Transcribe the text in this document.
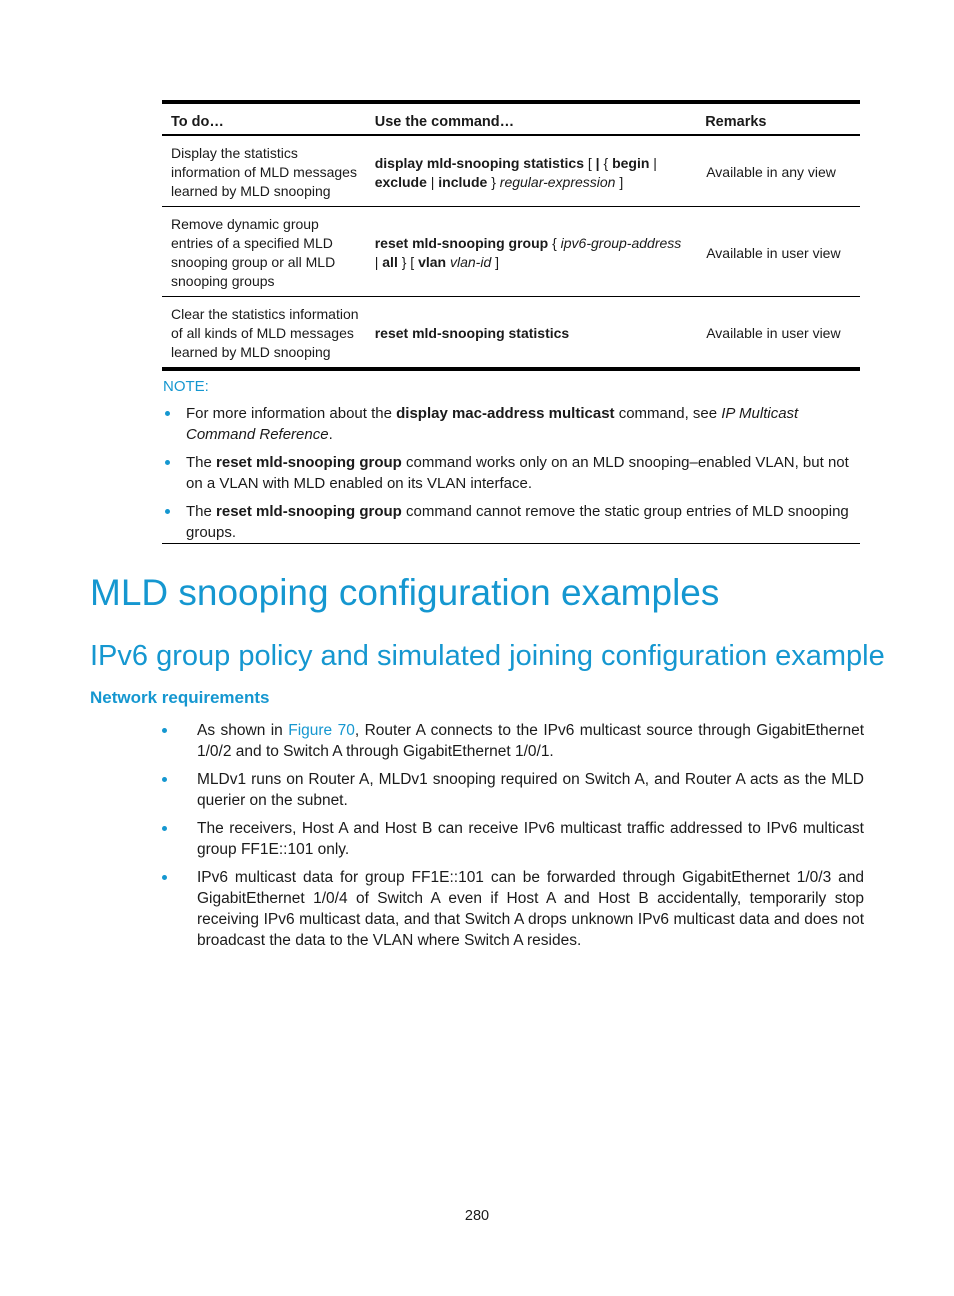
To do…	Use the command…	Remarks
Display the statistics information of MLD messages learned by MLD snooping	display mld-snooping statistics [ | { begin | exclude | include } regular-expression ]	Available in any view
Remove dynamic group entries of a specified MLD snooping group or all MLD snooping groups	reset mld-snooping group { ipv6-group-address | all } [ vlan vlan-id ]	Available in user view
Clear the statistics information of all kinds of MLD messages learned by MLD snooping	reset mld-snooping statistics	Available in user view
NOTE:
For more information about the display mac-address multicast command, see IP Multicast Command Reference.
The reset mld-snooping group command works only on an MLD snooping–enabled VLAN, but not on a VLAN with MLD enabled on its VLAN interface.
The reset mld-snooping group command cannot remove the static group entries of MLD snooping groups.
MLD snooping configuration examples
IPv6 group policy and simulated joining configuration example
Network requirements
As shown in Figure 70, Router A connects to the IPv6 multicast source through GigabitEthernet 1/0/2 and to Switch A through GigabitEthernet 1/0/1.
MLDv1 runs on Router A, MLDv1 snooping required on Switch A, and Router A acts as the MLD querier on the subnet.
The receivers, Host A and Host B can receive IPv6 multicast traffic addressed to IPv6 multicast group FF1E::101 only.
IPv6 multicast data for group FF1E::101 can be forwarded through GigabitEthernet 1/0/3 and GigabitEthernet 1/0/4 of Switch A even if Host A and Host B accidentally, temporarily stop receiving IPv6 multicast data, and that Switch A drops unknown IPv6 multicast data and does not broadcast the data to the VLAN where Switch A resides.
280
